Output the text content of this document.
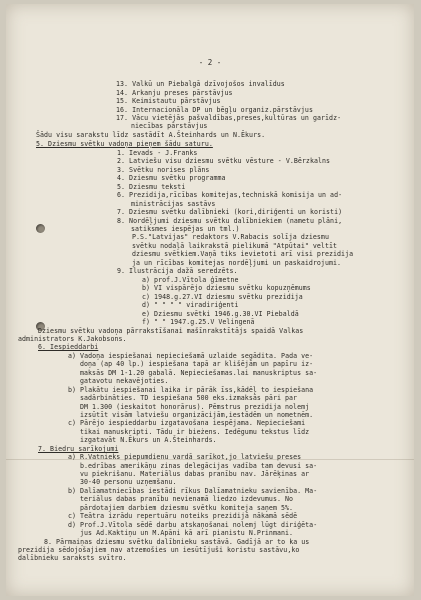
- 2 -
13. Valkū un Piebalgā dzīvojošos invalīdus
14. Arkanju preses pārstāvjus
15. Keimistautu pārstāvjus
16. Internacionāla DP un bēgļu organiz.pārstāvjus
17. Vācu vietējās pašvaldības,preses,kultūras un garīdz-
niecības pārstāvjus
Šādu visu sarakstu līdz sastādīt A.Šteinhards un N.Ēkurs.
5. Dziesmu svētku vadoņa pieņem šādu saturu.
1. Ievads - J.Franks
2. Latviešu visu dziesmu svētku vēsture - V.Bērzkalns
3. Svētku norises plāns
4. Dziesmu svētku programma
5. Dziesmu teksti
6. Prezidija,rīcības komitejas,techniskā komisija un ad-
ministrācijas sastāvs
7. Dziesmu svētku dalībnieki (kori,diriģenti un koristi)
8. Nordēļjumi dziesmu svētku dalībniekiem (nametu plāni,
satiksmes iespējas un tml.)
P.S."Latvijas" redaktors V.Rabacis solīja dziesmu
svētku nodaļā laikrakstā pielikumā "Atpūtai" veltīt
dziesmu svētkiem.Vaņā tiks ievietoti arī visi prezidija
ja un rīcības komitejas nordēļjumi un paskaidrojumi.
9. Ilustrācija dažā seredzēts.
a) prof.J.Vītola ģīmetne
b) VI vispārējo dziesmu svētku kopuzņēmums
c) 1948.g.27.VI dziesmu svētku prezidija
d) " " " " viradiriģenti
e) Dziesmu svētki 1946.g.30.VI Piebaldā
f) " " 1947.g.25.V Velingenā
Dziesmu svētku vadoņa pārrakstīšanai mašīnrakstītājs spaidā Valkas
administrators K.Jakobsons.
6. Iespieddarbi
a) Vadoņa iespiešanai nepieciešamā uzlaide segādita. Pada ve-
doņa (ap 40 lp.) iespiešana tapā ar klišējām un papīru iz-
maksās DM 1-1.20 gabalā. Nepieciešamas.lai manuskriptus sa-
gatavotu nekavējoties.
b) Plakātu iespiešanai laika ir pārāk īss,kādēļ to iespiešana
sadārbināties. TD iespiešana 500 eks.izmaksās pāri par
DM 1.300 (ieskaitot honorārus). Pēmstrus prezidija nolemj
izsūtīt visām latviešu organizācijām,iestādēm un nometnēm.
c) Pārējo iespieddarbu izgatavošana iespējama. Nepieciešami
tikai manuskripti. Tādu ir bieżens. Iedēgumu tekstus līdz
izgatavāt N.Ēkurs un A.Šteinhards.
7. Biedru sarīkojumi
a) R.Vatnieks piepumdienu vardā sarīkot,jo latviešu preses
b.edrības amerikāņu zinas delegācijas vadība tam devusi sa-
vu piekrišanu. Materiālus dabas pranību nav. Jārēķinas ar
30-40 personu uzņemšanu.
b) Dalīamatniecības iestādi rīkus Dalīamatnieku savienība. Ma-
teriālus dabas pranību nevienamā liedzo izdevumus. No
pārdotajiem darbiem dziesmu svētku komiteja saņem 5%.
c) Teātra izrādu repertuāru noteiks prezidijā nākamā sēdē
d) Prof.J.Vītola sēdē darbu atskaņošanai nolemj lūgt diriģēta-
jus Ad.Kaktiņu un M.Apāni kā arī pianistu N.Prinmani.
8. Pārmaiņas dziesmu svētku dalībnieku sastāvā. Gadījā ar to ka us
prezidija sēdojošajiem nav atzemošies un iesūtījuši koristu sastāvu,ko
dalībnieku saraksts svītro.
